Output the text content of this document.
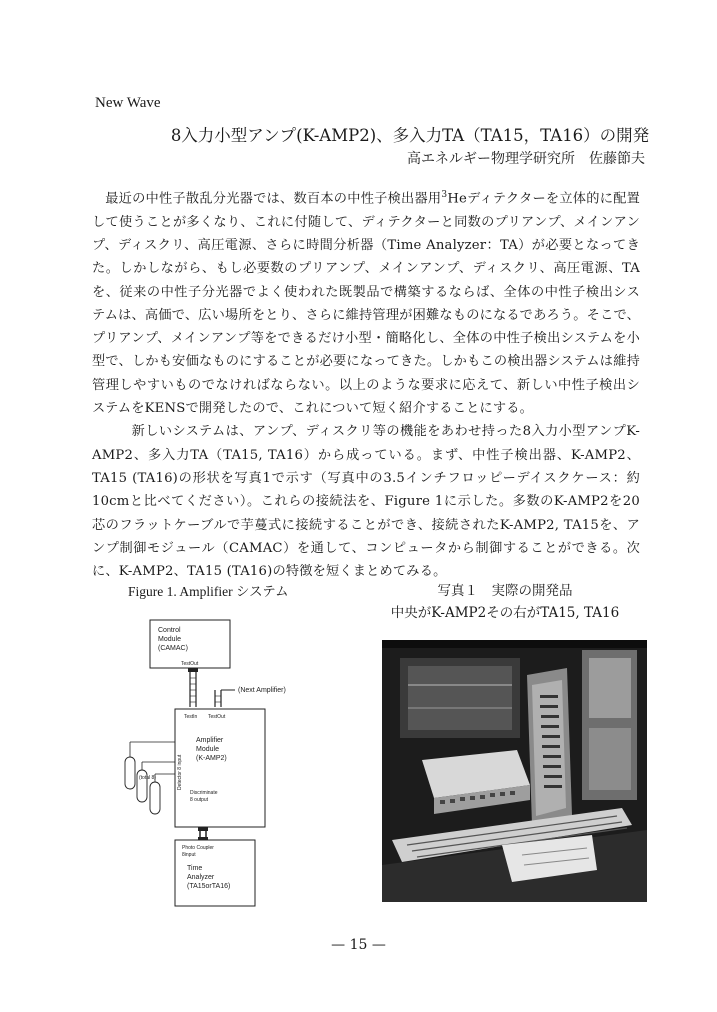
New Wave
8入力小型アンプ(K-AMP2)、多入力TA（TA15，TA16）の開発
高エネルギー物理学研究所　佐藤節夫

最近の中性子散乱分光器では、数百本の中性子検出器用$^3$Heディテクターを立体的に配置して使うことが多くなり、これに付随して、ディテクターと同数のプリアンプ、メインアンプ、ディスクリ、高圧電源、さらに時間分析器（Time Analyzer：TA）が必要となってきた。しかしながら、もし必要数のプリアンプ、メインアンプ、ディスクリ、高圧電源、TAを、従来の中性子分光器でよく使われた既製品で構築するならば、全体の中性子検出システムは、高価で、広い場所をとり、さらに維持管理が困難なものになるであろう。そこで、プリアンプ、メインアンプ等をできるだけ小型・簡略化し、全体の中性子検出システムを小型で、しかも安価なものにすることが必要になってきた。しかもこの検出器システムは維持管理しやすいものでなければならない。以上のような要求に応えて、新しい中性子検出システムをKENSで開発したので、これについて短く紹介することにする。

新しいシステムは、アンプ、ディスクリ等の機能をあわせ持った8入力小型アンプK-AMP2、多入力TA（TA15, TA16）から成っている。まず、中性子検出器、K-AMP2、TA15 (TA16)の形状を写真1で示す（写真中の3.5インチフロッピーデイスクケース：約10cmと比べてください）。これらの接続法を、Figure 1に示した。多数のK-AMP2を20芯のフラットケーブルで芋蔓式に接続することができ、接続されたK-AMP2, TA15を、アンプ制御モジュール（CAMAC）を通して、コンピュータから制御することができる。次に、K-AMP2、TA15 (TA16)の特徴を短くまとめてみる。

Figure 1. Amplifier システム	写真１　実際の開発品
中央がK-AMP2その右がTA15, TA16
Control
Module
(CAMAC)
TestOut
(Next Amplifier)
TestIn TestOut
Amplifier
Module
(K-AMP2)
Detector 8 input
Discriminate
8 output
(total 8)
Photo Coupler
8input
Time
Analyzer
(TA15orTA16)
— 15 —
